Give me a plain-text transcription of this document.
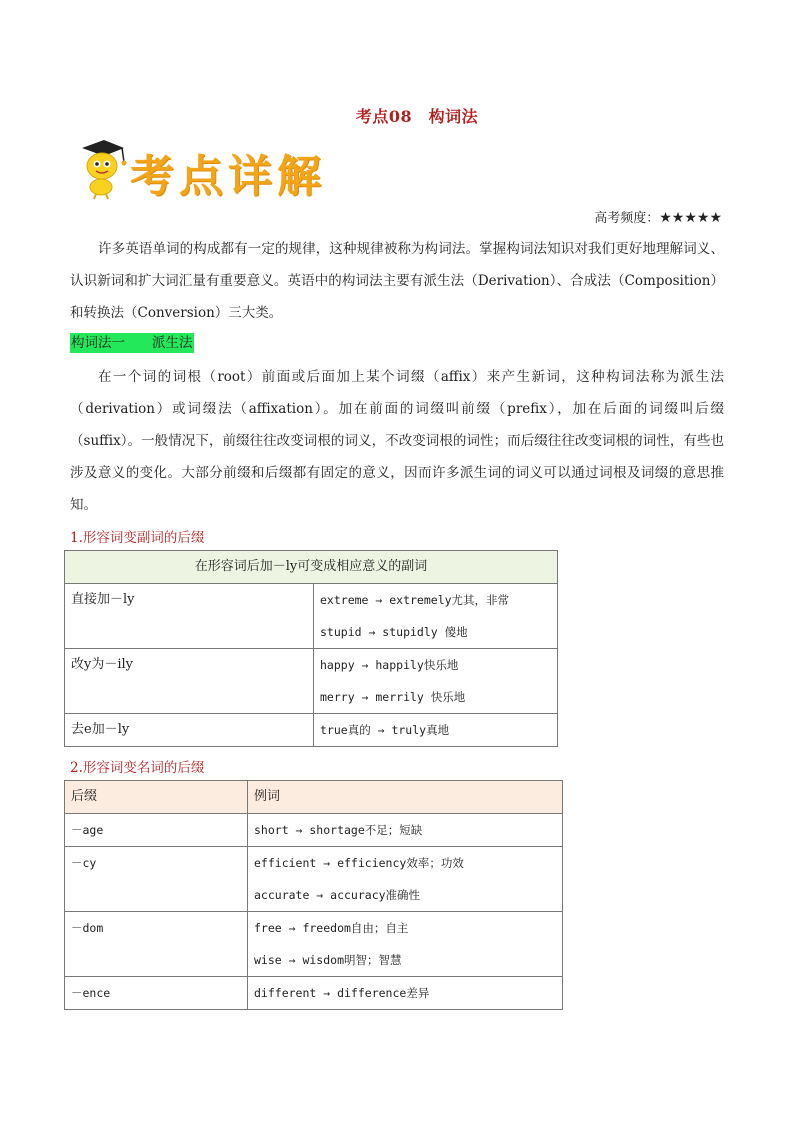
考点08　构词法
考点详解
高考频度：★★★★★
许多英语单词的构成都有一定的规律，这种规律被称为构词法。掌握构词法知识对我们更好地理解词义、认识新词和扩大词汇量有重要意义。英语中的构词法主要有派生法（Derivation）、合成法（Composition）和转换法（Conversion）三大类。
构词法一　　派生法
在一个词的词根（root）前面或后面加上某个词缀（affix）来产生新词，这种构词法称为派生法（derivation）或词缀法（affixation）。加在前面的词缀叫前缀（prefix），加在后面的词缀叫后缀（suffix）。一般情况下，前缀往往改变词根的词义，不改变词根的词性；而后缀往往改变词根的词性，有些也涉及意义的变化。大部分前缀和后缀都有固定的意义，因而许多派生词的词义可以通过词根及词缀的意思推知。
1.形容词变副词的后缀
在形容词后加－ly可变成相应意义的副词	

直接加－ly	extreme → extremely尤其，非常
stupid → stupidly 傻地

改y为－ily	happy → happily快乐地
merry → merrily 快乐地

去e加－ly	true真的 → truly真地
2.形容词变名词的后缀
后缀	例词

－age	short → shortage不足；短缺

－cy	efficient → efficiency效率；功效
accurate → accuracy准确性

－dom	free → freedom自由；自主
wise → wisdom明智；智慧

－ence	different → difference差异
